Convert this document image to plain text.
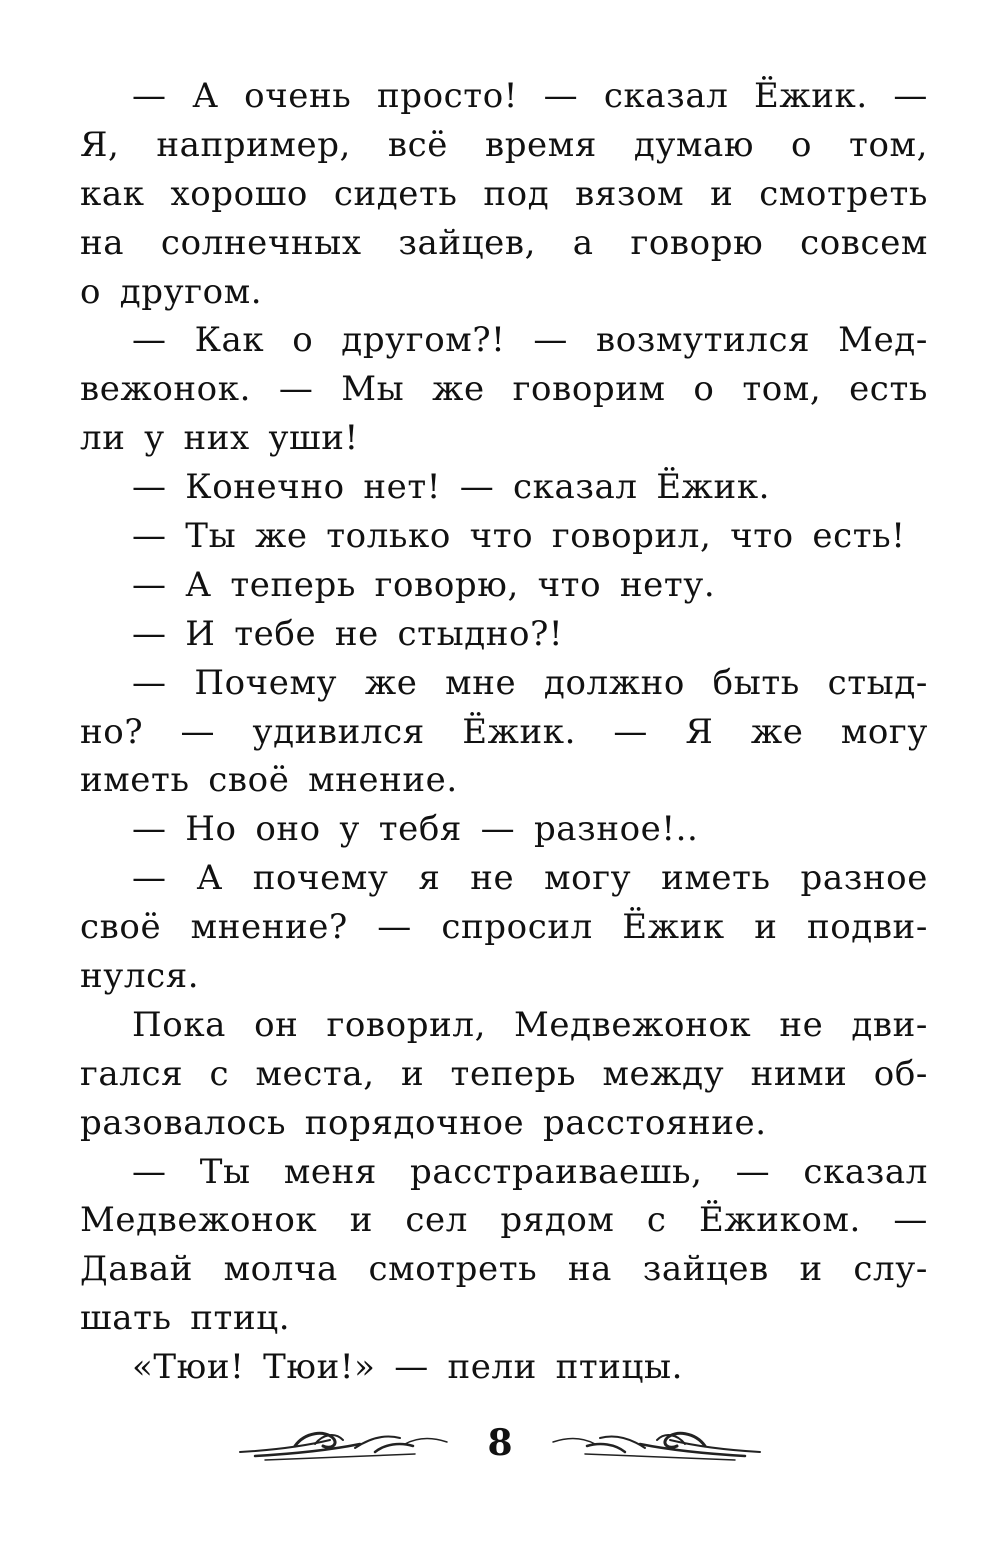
— А очень просто! — сказал Ёжик. —
Я, например, всё время думаю о том,
как хорошо сидеть под вязом и смотреть
на солнечных зайцев, а говорю совсем
о другом.
— Как о другом?! — возмутился Мед-
вежонок. — Мы же говорим о том, есть
ли у них уши!
— Конечно нет! — сказал Ёжик.
— Ты же только что говорил, что есть!
— А теперь говорю, что нету.
— И тебе не стыдно?!
— Почему же мне должно быть стыд-
но? — удивился Ёжик. — Я же могу
иметь своё мнение.
— Но оно у тебя — разное!..
— А почему я не могу иметь разное
своё мнение? — спросил Ёжик и подви-
нулся.
Пока он говорил, Медвежонок не дви-
гался с места, и теперь между ними об-
разовалось порядочное расстояние.
— Ты меня расстраиваешь, — сказал
Медвежонок и сел рядом с Ёжиком. —
Давай молча смотреть на зайцев и слу-
шать птиц.
«Тюи! Тюи!» — пели птицы.
8
